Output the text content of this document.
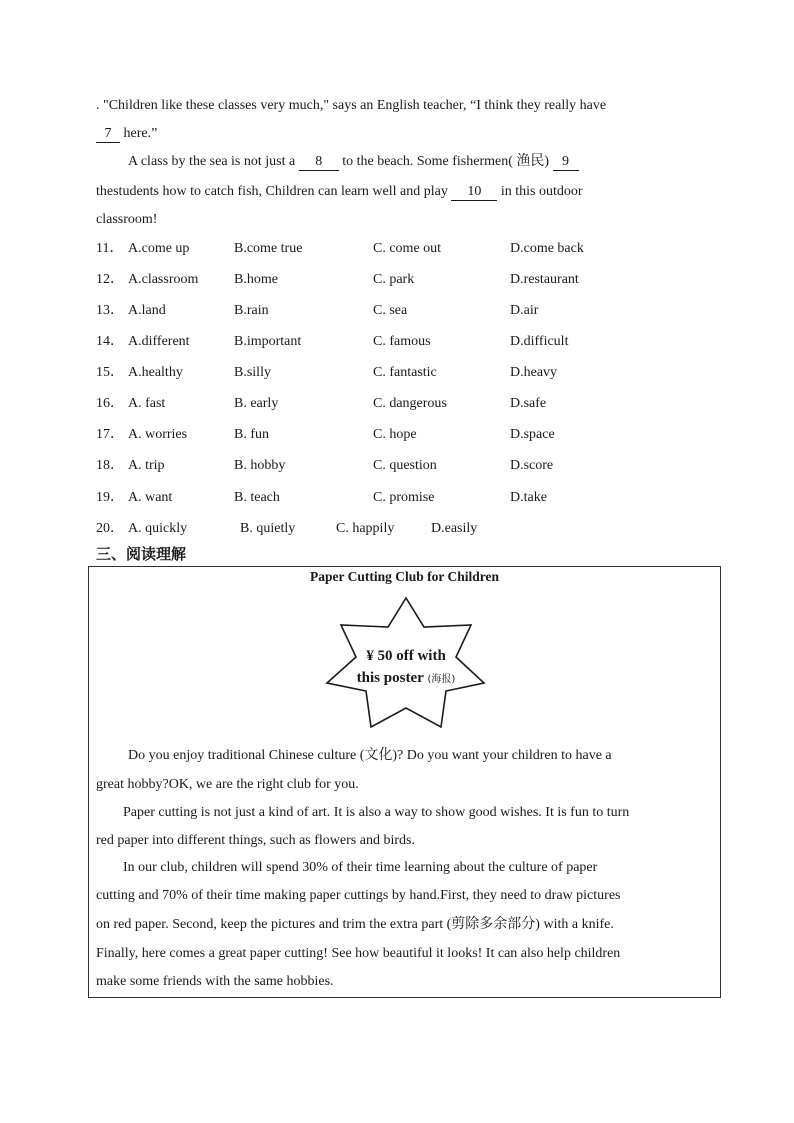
. "Children like these classes very much," says an English teacher, “I think they really have
7 here.”
A class by the sea is not just a 8 to the beach. Some fishermen( 渔民) 9
thestudents how to catch fish, Children can learn well and play 10 in this outdoor
classroom!
11． A.come up	B.come true	C. come out	D.come back
12． A.classroom	B.home	C. park	D.restaurant
13． A.land	B.rain	C. sea	D.air
14． A.different	B.important	C. famous	D.difficult
15． A.healthy	B.silly	C. fantastic	D.heavy
16． A. fast	B. early	C. dangerous	D.safe
17． A. worries	B. fun	C. hope	D.space
18． A. trip	B. hobby	C. question	D.score
19． A. want	B. teach	C. promise	D.take
20． A. quickly	B. quietly	C. happily	D.easily
三、阅读理解
Paper Cutting Club for Children
¥ 50 off with
this poster (海报)
Do you enjoy traditional Chinese culture (文化)? Do you want your children to have a
great hobby?OK, we are the right club for you.
Paper cutting is not just a kind of art. It is also a way to show good wishes. It is fun to turn
red paper into different things, such as flowers and birds.
In our club, children will spend 30% of their time learning about the culture of paper
cutting and 70% of their time making paper cuttings by hand.First, they need to draw pictures
on red paper. Second, keep the pictures and trim the extra part (剪除多余部分) with a knife.
Finally, here comes a great paper cutting! See how beautiful it looks! It can also help children
make some friends with the same hobbies.
